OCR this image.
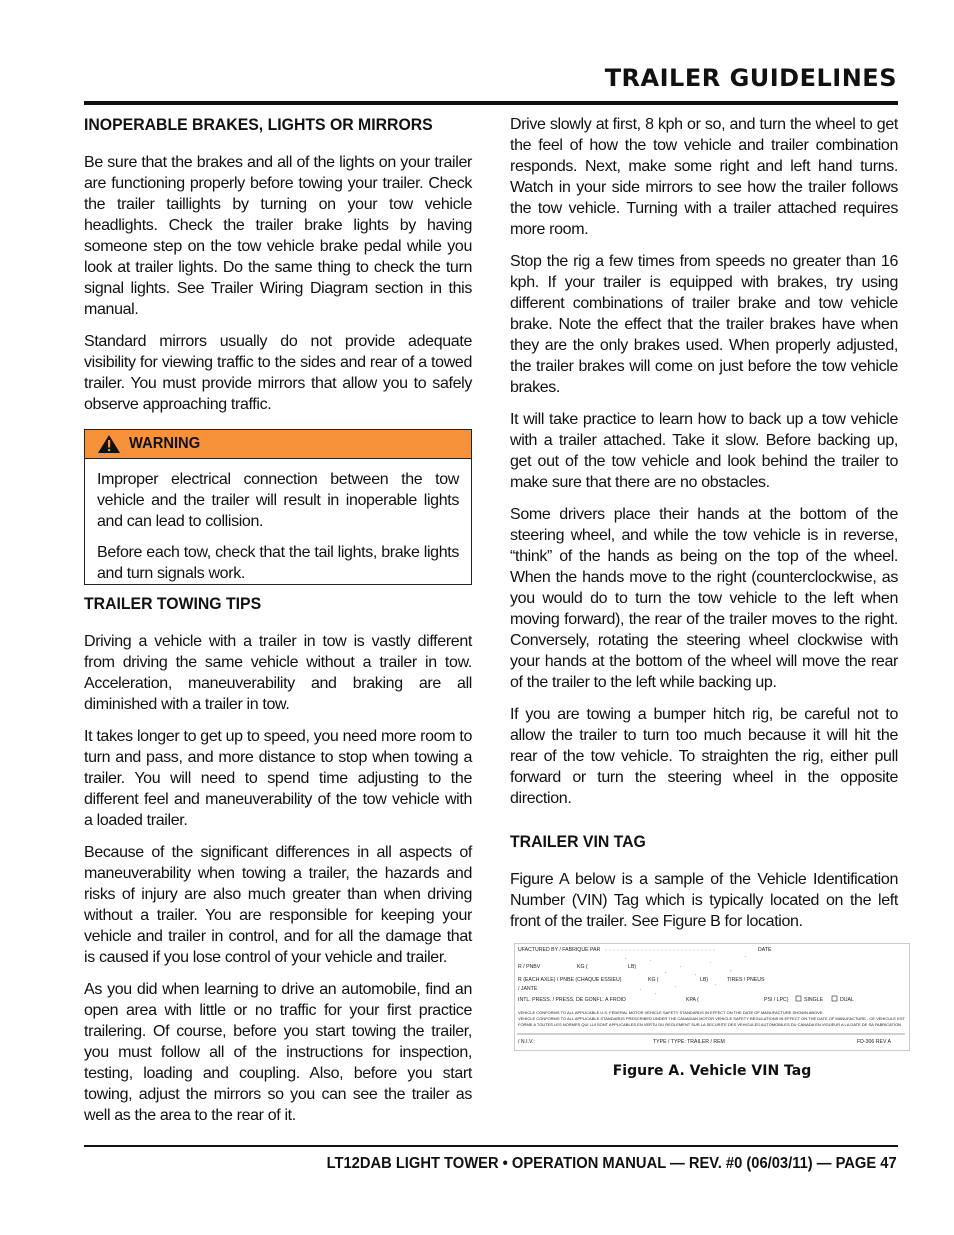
TRAILER GUIDELINES
INOPERABLE BRAKES, LIGHTS OR MIRRORS

Be sure that the brakes and all of the lights on your trailer are functioning properly before towing your trailer. Check the trailer taillights by turning on your tow vehicle headlights. Check the trailer brake lights by having someone step on the tow vehicle brake pedal while you look at trailer lights. Do the same thing to check the turn signal lights. See Trailer Wiring Diagram section in this manual.

Standard mirrors usually do not provide adequate visibility for viewing traffic to the sides and rear of a towed trailer. You must provide mirrors that allow you to safely observe approaching traffic.

WARNING

Improper electrical connection between the tow vehicle and the trailer will result in inoperable lights and can lead to collision.

Before each tow, check that the tail lights, brake lights and turn signals work.

TRAILER TOWING TIPS

Driving a vehicle with a trailer in tow is vastly different from driving the same vehicle without a trailer in tow. Acceleration, maneuverability and braking are all diminished with a trailer in tow.

It takes longer to get up to speed, you need more room to turn and pass, and more distance to stop when towing a trailer. You will need to spend time adjusting to the different feel and maneuverability of the tow vehicle with a loaded trailer.

Because of the significant differences in all aspects of maneuverability when towing a trailer, the hazards and risks of injury are also much greater than when driving without a trailer. You are responsible for keeping your vehicle and trailer in control, and for all the damage that is caused if you lose control of your vehicle and trailer.

As you did when learning to drive an automobile, find an open area with little or no traffic for your first practice trailering. Of course, before you start towing the trailer, you must follow all of the instructions for inspection, testing, loading and coupling. Also, before you start towing, adjust the mirrors so you can see the trailer as well as the area to the rear of it.

Drive slowly at first, 8 kph or so, and turn the wheel to get the feel of how the tow vehicle and trailer combination responds. Next, make some right and left hand turns. Watch in your side mirrors to see how the trailer follows the tow vehicle. Turning with a trailer attached requires more room.

Stop the rig a few times from speeds no greater than 16 kph. If your trailer is equipped with brakes, try using different combinations of trailer brake and tow vehicle brake. Note the effect that the trailer brakes have when they are the only brakes used. When properly adjusted, the trailer brakes will come on just before the tow vehicle brakes.

It will take practice to learn how to back up a tow vehicle with a trailer attached. Take it slow. Before backing up, get out of the tow vehicle and look behind the trailer to make sure that there are no obstacles.

Some drivers place their hands at the bottom of the steering wheel, and while the tow vehicle is in reverse, “think” of the hands as being on the top of the wheel. When the hands move to the right (counterclockwise, as you would do to turn the tow vehicle to the left when moving forward), the rear of the trailer moves to the right. Conversely, rotating the steering wheel clockwise with your hands at the bottom of the wheel will move the rear of the trailer to the left while backing up.

If you are towing a bumper hitch rig, be careful not to allow the trailer to turn too much because it will hit the rear of the tow vehicle. To straighten the rig, either pull forward or turn the steering wheel in the opposite direction.

TRAILER VIN TAG

Figure A below is a sample of the Vehicle Identification Number (VIN) Tag which is typically located on the left front of the trailer. See Figure B for location.

UFACTURED BY / FABRIQUE PAR	DATE
R / PNBV	KG (	LB)
R (EACH AXLE) / PNBE (CHAQUE ESSIEU)	KG (	LB)	TIRES / PNEUS
/ JANTE
INTL. PRESS. / PRESS. DE GONFL. A FROID	KPA (	PSI / LPC)	SINGLE	DUAL
VEHICLE CONFORMS TO ALL APPLICABLE U.S. FEDERAL MOTOR VEHICLE SAFETY STANDARDS IN EFFECT ON THE DATE OF MANUFACTURE SHOWN ABOVE.
VEHICLE CONFORMS TO ALL APPLICABLE STANDARDS PRESCRIBED UNDER THE CANADIAN MOTOR VEHICLE SAFETY REGULATIONS IN EFFECT ON THE DATE OF MANUFACTURE - CE VEHICULE EST
FORME A TOUTES LES NORMES QUI LUI SONT APPLICABLES EN VERTU DU REGLEMENT SUR LA SECURITE DES VEHICULES AUTOMOBILES DU CANADA EN VIGUEUR A LA DATE DE SA FABRICATION
/ N.I.V.:	TYPE / TYPE: TRAILER / REM	FD-306 REV A
Figure A. Vehicle VIN Tag
LT12DAB LIGHT TOWER • OPERATION MANUAL — REV. #0 (06/03/11) — PAGE 47
